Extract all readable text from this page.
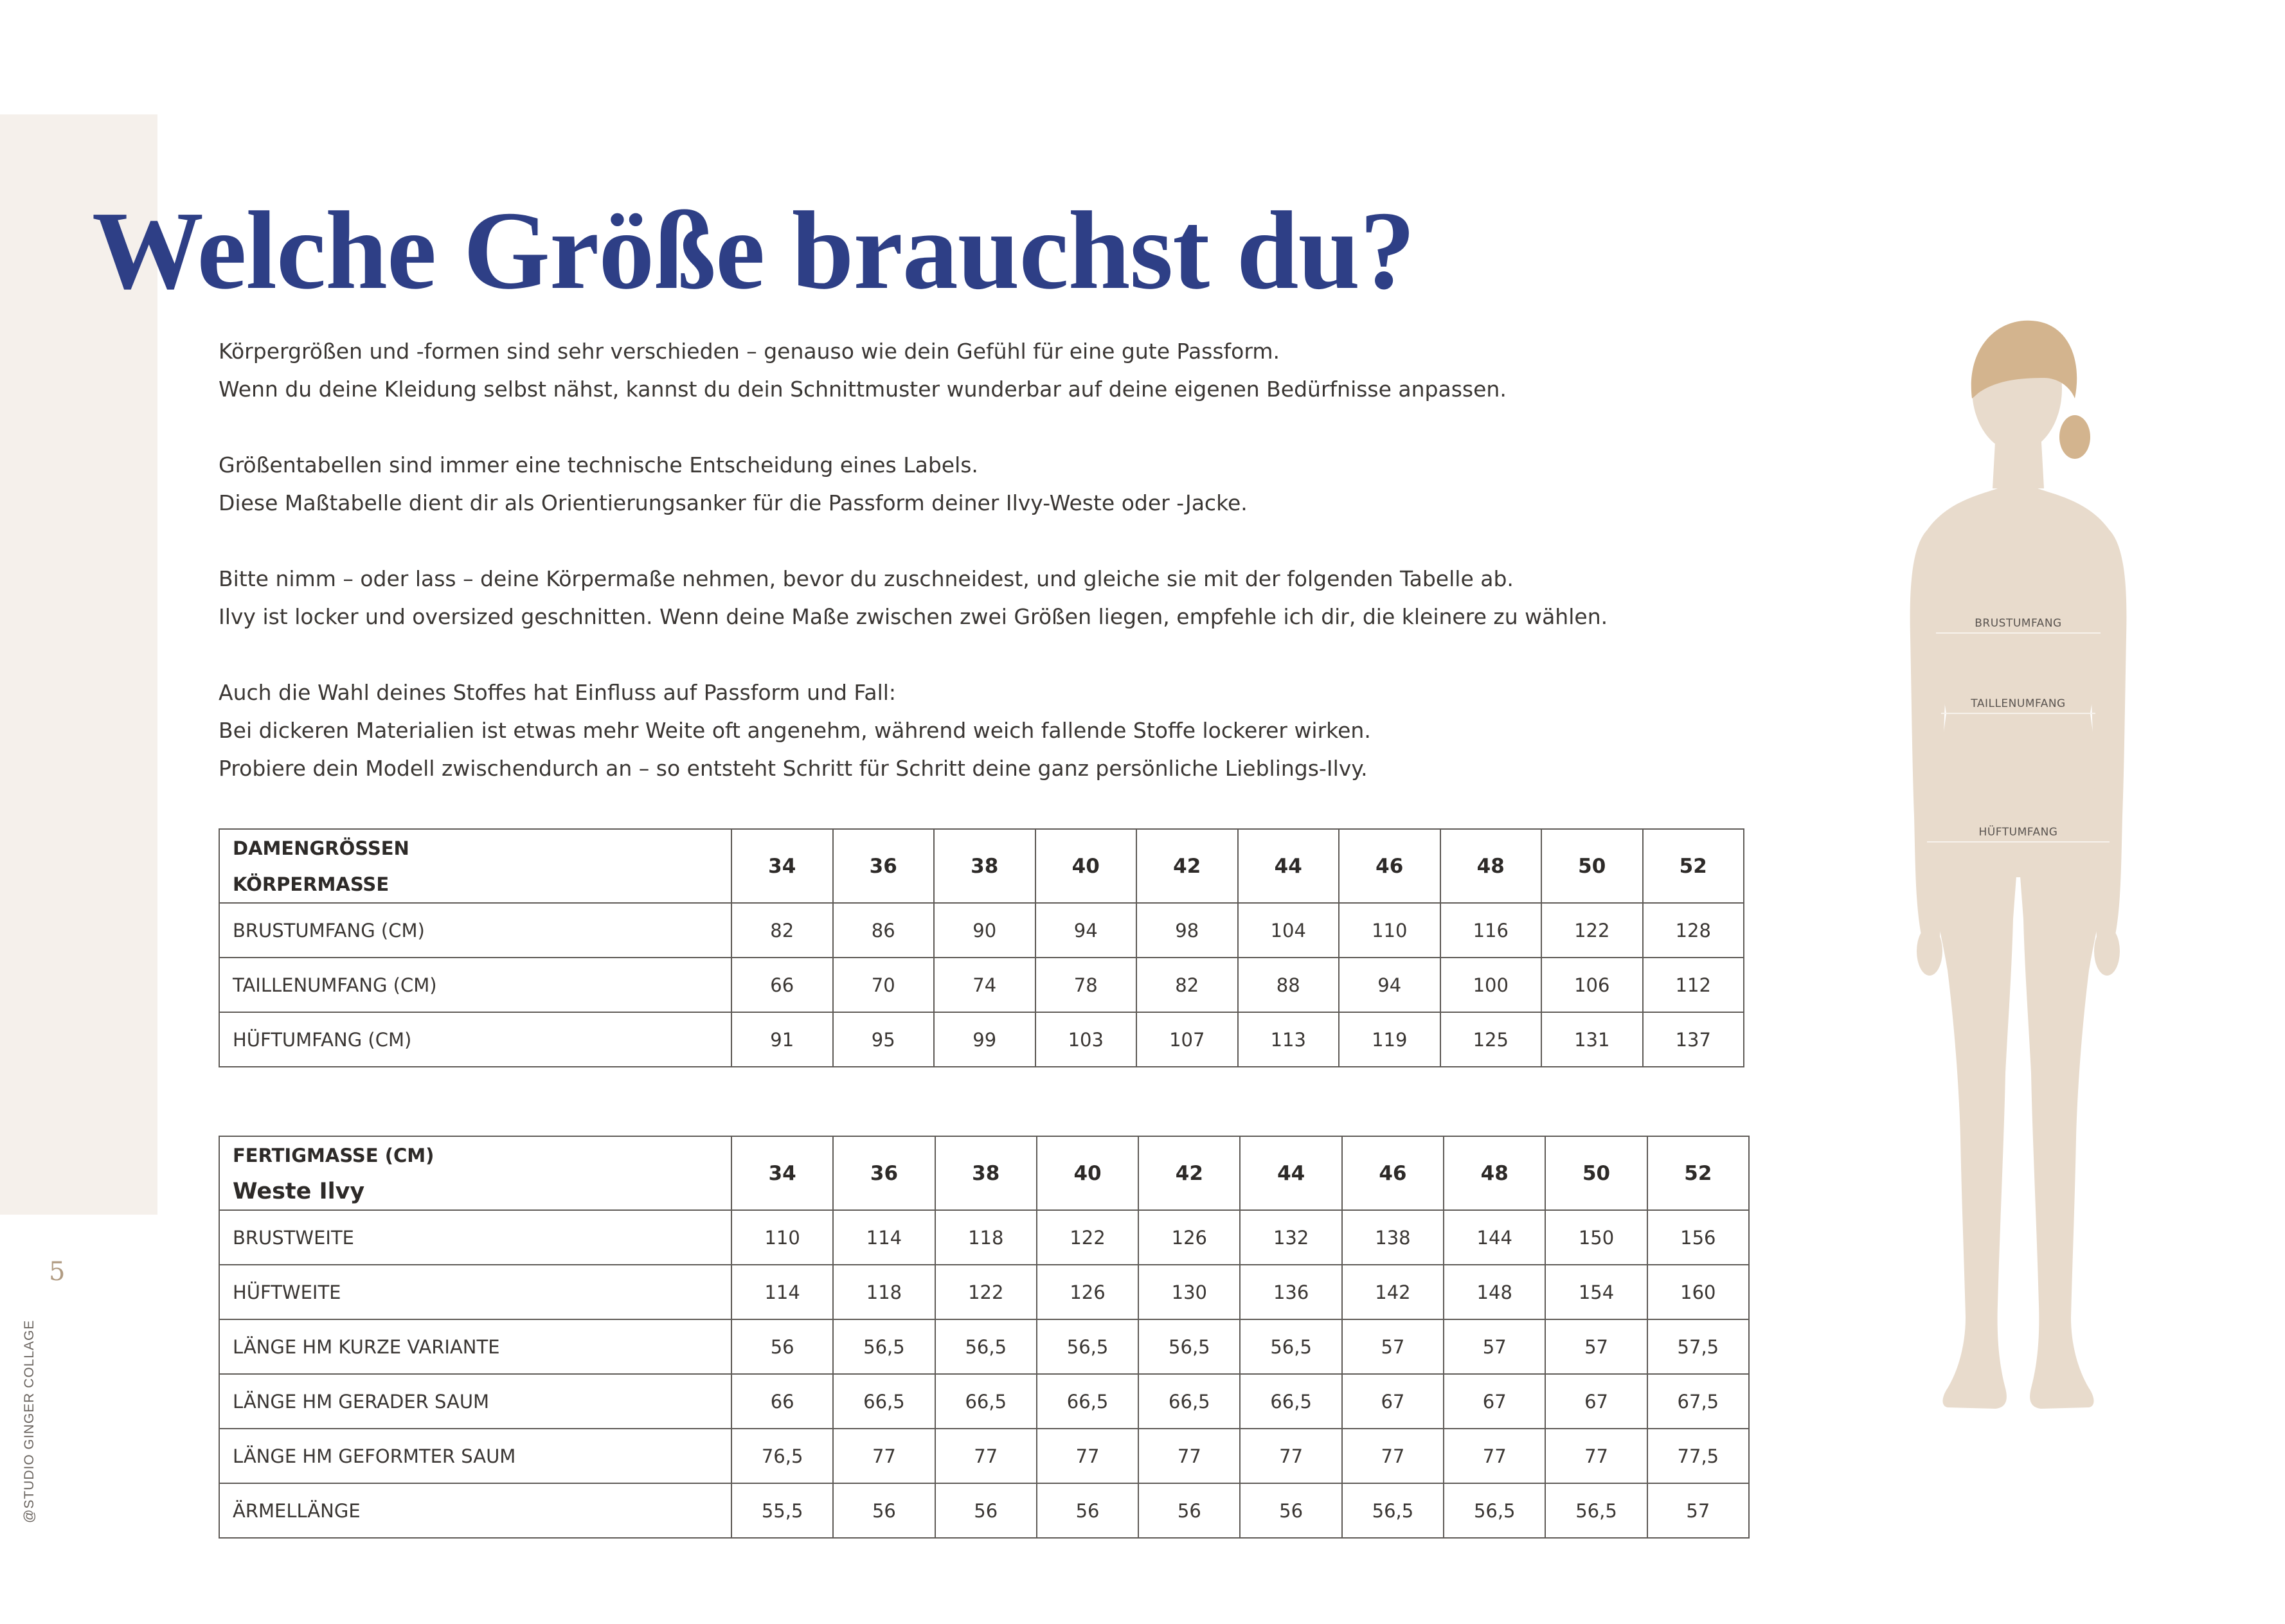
5
@STUDIO GINGER COLLAGE
Welche Größe brauchst du?

Körpergrößen und -formen sind sehr verschieden – genauso wie dein Gefühl für eine gute Passform.
Wenn du deine Kleidung selbst nähst, kannst du dein Schnittmuster wunderbar auf deine eigenen Bedürfnisse anpassen.

Größentabellen sind immer eine technische Entscheidung eines Labels.
Diese Maßtabelle dient dir als Orientierungsanker für die Passform deiner Ilvy-Weste oder -Jacke.

Bitte nimm – oder lass – deine Körpermaße nehmen, bevor du zuschneidest, und gleiche sie mit der folgenden Tabelle ab.
Ilvy ist locker und oversized geschnitten. Wenn deine Maße zwischen zwei Größen liegen, empfehle ich dir, die kleinere zu wählen.

Auch die Wahl deines Stoffes hat Einfluss auf Passform und Fall:
Bei dickeren Materialien ist etwas mehr Weite oft angenehm, während weich fallende Stoffe lockerer wirken.
Probiere dein Modell zwischendurch an – so entsteht Schritt für Schritt deine ganz persönliche Lieblings-Ilvy.

DAMENGRÖSSEN
KÖRPERMASSE	34	36	38	40	42	44	46	48	50	52
BRUSTUMFANG (CM)	82	86	90	94	98	104	110	116	122	128
TAILLENUMFANG (CM)	66	70	74	78	82	88	94	100	106	112
HÜFTUMFANG (CM)	91	95	99	103	107	113	119	125	131	137
FERTIGMASSE (CM)
Weste Ilvy	34	36	38	40	42	44	46	48	50	52
BRUSTWEITE	110	114	118	122	126	132	138	144	150	156
HÜFTWEITE	114	118	122	126	130	136	142	148	154	160
LÄNGE HM KURZE VARIANTE	56	56,5	56,5	56,5	56,5	56,5	57	57	57	57,5
LÄNGE HM GERADER SAUM	66	66,5	66,5	66,5	66,5	66,5	67	67	67	67,5
LÄNGE HM GEFORMTER SAUM	76,5	77	77	77	77	77	77	77	77	77,5
ÄRMELLÄNGE	55,5	56	56	56	56	56	56,5	56,5	56,5	57
BRUSTUMFANG
TAILLENUMFANG
HÜFTUMFANG
